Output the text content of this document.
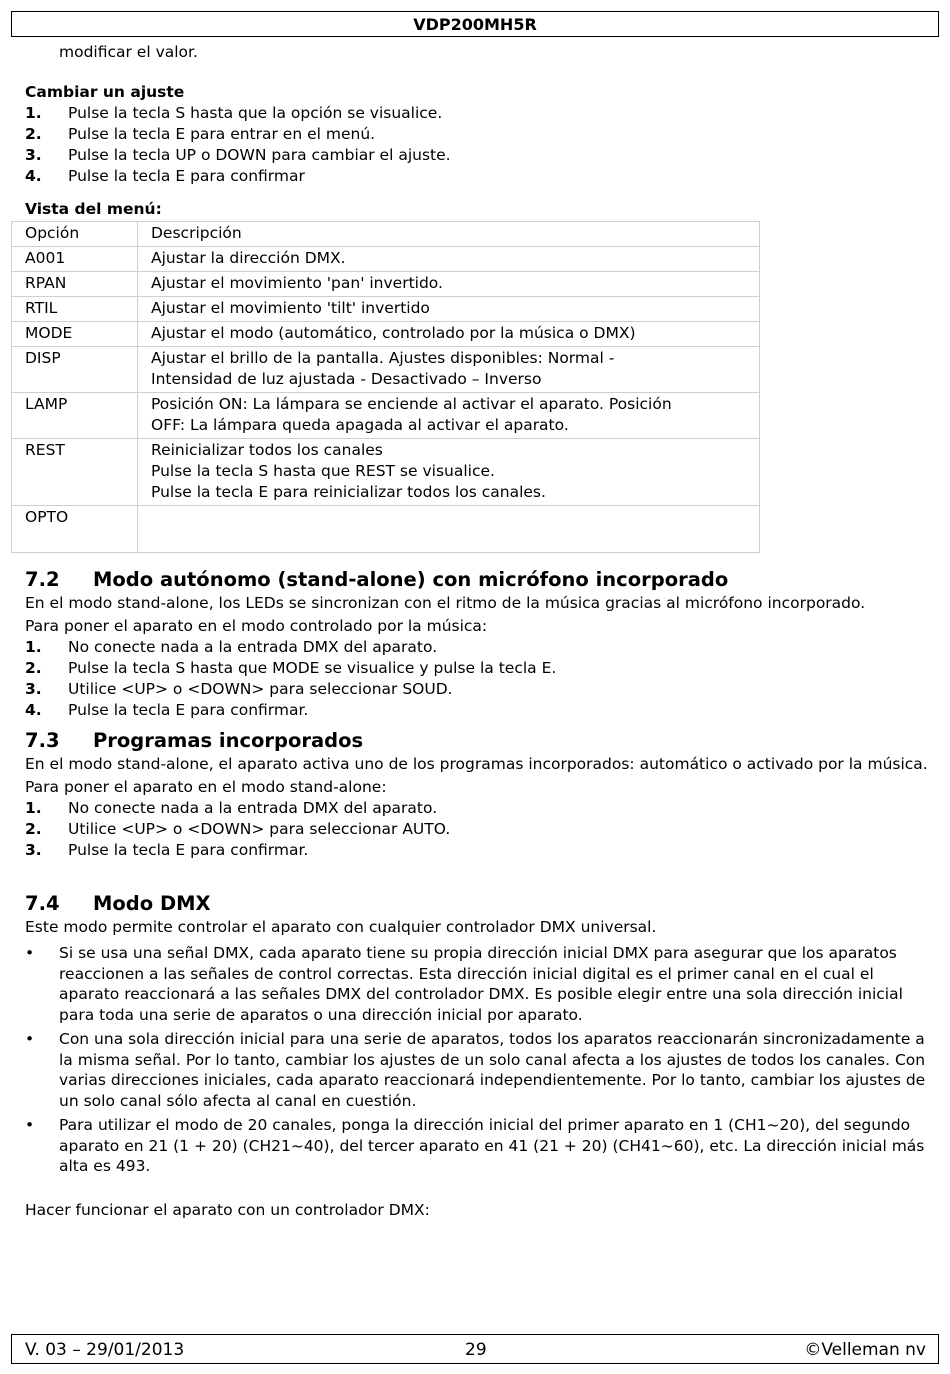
VDP200MH5R

modificar el valor.

Cambiar un ajuste

1. Pulse la tecla S hasta que la opción se visualice.
2. Pulse la tecla E para entrar en el menú.
3. Pulse la tecla UP o DOWN para cambiar el ajuste.
4. Pulse la tecla E para confirmar

Vista del menú:

Opción	Descripción
A001	Ajustar la dirección DMX.

RPAN	Ajustar el movimiento 'pan' invertido.

RTIL	Ajustar el movimiento 'tilt' invertido

MODE	Ajustar el modo (automático, controlado por la música o DMX)

DISP	Ajustar el brillo de la pantalla. Ajustes disponibles: Normal -
Intensidad de luz ajustada - Desactivado – Inverso

LAMP	Posición ON: La lámpara se enciende al activar el aparato. Posición
OFF: La lámpara queda apagada al activar el aparato.

REST	Reinicializar todos los canales
Pulse la tecla S hasta que REST se visualice.
Pulse la tecla E para reinicializar todos los canales.

OPTO	
7.2 Modo autónomo (stand-alone) con micrófono incorporado

En el modo stand-alone, los LEDs se sincronizan con el ritmo de la música gracias al micrófono incorporado.

Para poner el aparato en el modo controlado por la música:

1. No conecte nada a la entrada DMX del aparato.
2. Pulse la tecla S hasta que MODE se visualice y pulse la tecla E.
3. Utilice <UP> o <DOWN> para seleccionar SOUD.
4. Pulse la tecla E para confirmar.
7.3 Programas incorporados

En el modo stand-alone, el aparato activa uno de los programas incorporados: automático o activado por la música.

Para poner el aparato en el modo stand-alone:

1. No conecte nada a la entrada DMX del aparato.
2. Utilice <UP> o <DOWN> para seleccionar AUTO.
3. Pulse la tecla E para confirmar.
7.4 Modo DMX

Este modo permite controlar el aparato con cualquier controlador DMX universal.

• Si se usa una señal DMX, cada aparato tiene su propia dirección inicial DMX para asegurar que los aparatos reaccionen a las señales de control correctas. Esta dirección inicial digital es el primer canal en el cual el aparato reaccionará a las señales DMX del controlador DMX. Es posible elegir entre una sola dirección inicial para toda una serie de aparatos o una dirección inicial por aparato.
• Con una sola dirección inicial para una serie de aparatos, todos los aparatos reaccionarán sincronizadamente a la misma señal. Por lo tanto, cambiar los ajustes de un solo canal afecta a los ajustes de todos los canales. Con varias direcciones iniciales, cada aparato reaccionará independientemente. Por lo tanto, cambiar los ajustes de un solo canal sólo afecta al canal en cuestión.
• Para utilizar el modo de 20 canales, ponga la dirección inicial del primer aparato en 1 (CH1~20), del segundo aparato en 21 (1 + 20) (CH21~40), del tercer aparato en 41 (21 + 20) (CH41~60), etc. La dirección inicial más alta es 493.

Hacer funcionar el aparato con un controlador DMX:

V. 03 – 29/01/2013	29	©Velleman nv
